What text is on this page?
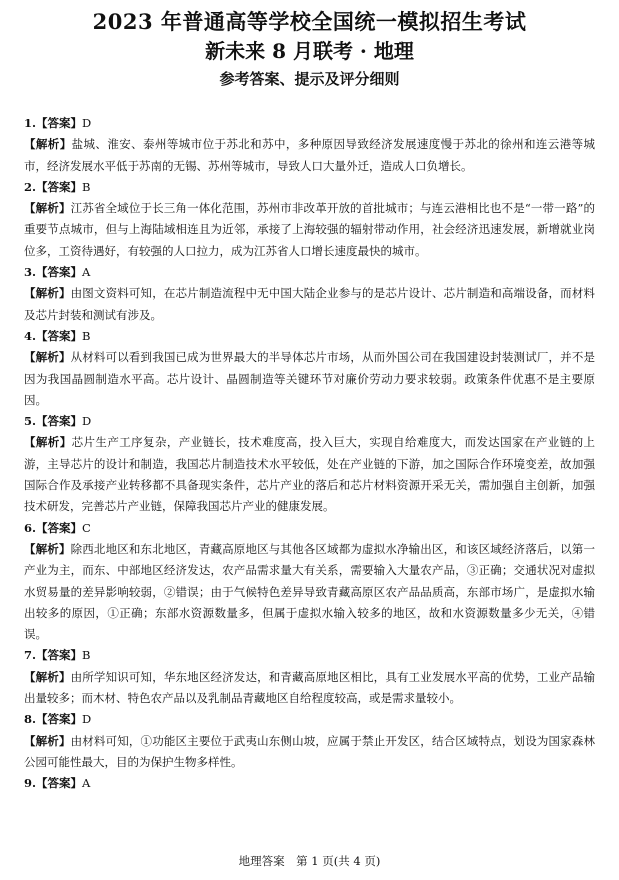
2023 年普通高等学校全国统一模拟招生考试
新未来 8 月联考 · 地理
参考答案、提示及评分细则

1.【答案】D

【解析】盐城、淮安、泰州等城市位于苏北和苏中，多种原因导致经济发展速度慢于苏北的徐州和连云港等城市，经济发展水平低于苏南的无锡、苏州等城市，导致人口大量外迁，造成人口负增长。

2.【答案】B

【解析】江苏省全域位于长三角一体化范围，苏州市非改革开放的首批城市；与连云港相比也不是“一带一路”的重要节点城市，但与上海陆域相连且为近邻，承接了上海较强的辐射带动作用，社会经济迅速发展，新增就业岗位多，工资待遇好，有较强的人口拉力，成为江苏省人口增长速度最快的城市。

3.【答案】A

【解析】由图文资料可知，在芯片制造流程中无中国大陆企业参与的是芯片设计、芯片制造和高端设备，而材料及芯片封装和测试有涉及。

4.【答案】B

【解析】从材料可以看到我国已成为世界最大的半导体芯片市场，从而外国公司在我国建设封装测试厂，并不是因为我国晶圆制造水平高。芯片设计、晶圆制造等关键环节对廉价劳动力要求较弱。政策条件优惠不是主要原因。

5.【答案】D

【解析】芯片生产工序复杂，产业链长，技术难度高，投入巨大，实现自给难度大，而发达国家在产业链的上游，主导芯片的设计和制造，我国芯片制造技术水平较低，处在产业链的下游，加之国际合作环境变差，故加强国际合作及承接产业转移都不具备现实条件，芯片产业的落后和芯片材料资源开采无关，需加强自主创新，加强技术研发，完善芯片产业链，保障我国芯片产业的健康发展。

6.【答案】C

【解析】除西北地区和东北地区，青藏高原地区与其他各区域都为虚拟水净输出区，和该区域经济落后，以第一产业为主，而东、中部地区经济发达，农产品需求量大有关系，需要输入大量农产品，③正确；交通状况对虚拟水贸易量的差异影响较弱，②错误；由于气候特色差异导致青藏高原区农产品品质高，东部市场广，是虚拟水输出较多的原因，①正确；东部水资源数量多，但属于虚拟水输入较多的地区，故和水资源数量多少无关，④错误。

7.【答案】B

【解析】由所学知识可知，华东地区经济发达，和青藏高原地区相比，具有工业发展水平高的优势，工业产品输出量较多；而木材、特色农产品以及乳制品青藏地区自给程度较高，或是需求量较小。

8.【答案】D

【解析】由材料可知，①功能区主要位于武夷山东侧山坡，应属于禁止开发区，结合区域特点，划设为国家森林公园可能性最大，目的为保护生物多样性。

9.【答案】A

地理答案　第 1 页(共 4 页)
